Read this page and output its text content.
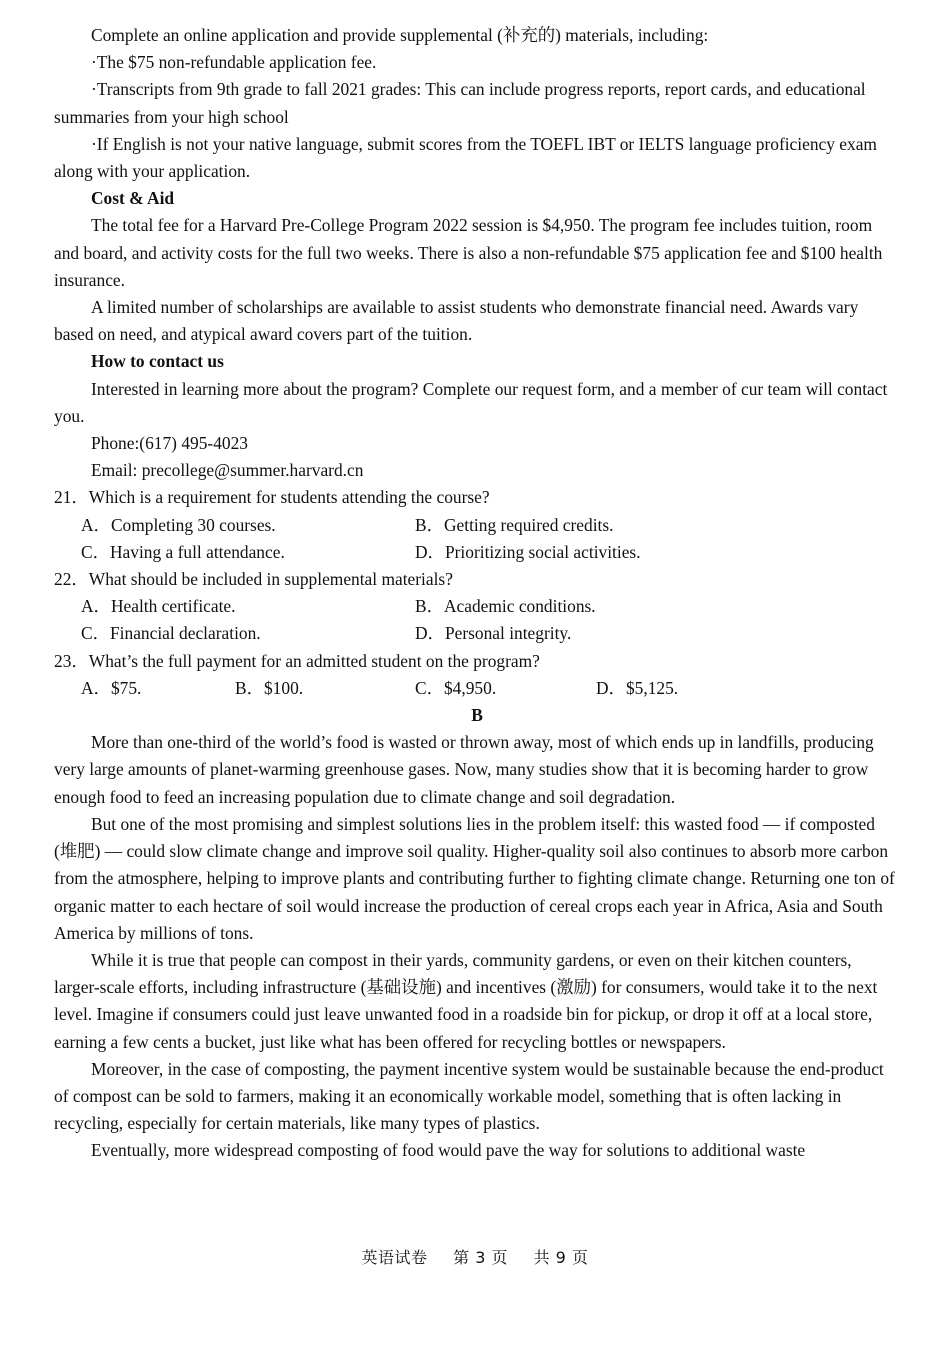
Complete an online application and provide supplemental (补充的) materials, including:

·The $75 non-refundable application fee.

·Transcripts from 9th grade to fall 2021 grades: This can include progress reports, report cards, and educational summaries from your high school

·If English is not your native language, submit scores from the TOEFL IBT or IELTS language proficiency exam along with your application.

Cost & Aid

The total fee for a Harvard Pre-College Program 2022 session is $4,950. The program fee includes tuition, room and board, and activity costs for the full two weeks. There is also a non-refundable $75 application fee and $100 health insurance.

A limited number of scholarships are available to assist students who demonstrate financial need. Awards vary based on need, and atypical award covers part of the tuition.

How to contact us

Interested in learning more about the program? Complete our request form, and a member of cur team will contact you.

Phone:(617) 495-4023

Email: precollege@summer.harvard.cn

21．Which is a requirement for students attending the course?

A．Completing 30 courses.	B．Getting required credits.
C．Having a full attendance.	D．Prioritizing social activities.

22．What should be included in supplemental materials?

A．Health certificate.	B．Academic conditions.
C．Financial declaration.	D．Personal integrity.

23．What’s the full payment for an admitted student on the program?

A．$75.	B．$100.	C．$4,950.	D．$5,125.

B

More than one-third of the world’s food is wasted or thrown away, most of which ends up in landfills, producing very large amounts of planet-warming greenhouse gases. Now, many studies show that it is becoming harder to grow enough food to feed an increasing population due to climate change and soil degradation.

But one of the most promising and simplest solutions lies in the problem itself: this wasted food — if composted (堆肥) — could slow climate change and improve soil quality. Higher-quality soil also continues to absorb more carbon from the atmosphere, helping to improve plants and contributing further to fighting climate change. Returning one ton of organic matter to each hectare of soil would increase the production of cereal crops each year in Africa, Asia and South America by millions of tons.

While it is true that people can compost in their yards, community gardens, or even on their kitchen counters, larger-scale efforts, including infrastructure (基础设施) and incentives (激励) for consumers, would take it to the next level. Imagine if consumers could just leave unwanted food in a roadside bin for pickup, or drop it off at a local store, earning a few cents a bucket, just like what has been offered for recycling bottles or newspapers.

Moreover, in the case of composting, the payment incentive system would be sustainable because the end-product of compost can be sold to farmers, making it an economically workable model, something that is often lacking in recycling, especially for certain materials, like many types of plastics.

Eventually, more widespread composting of food would pave the way for solutions to additional waste

英语试卷 第 3 页 共 9 页
